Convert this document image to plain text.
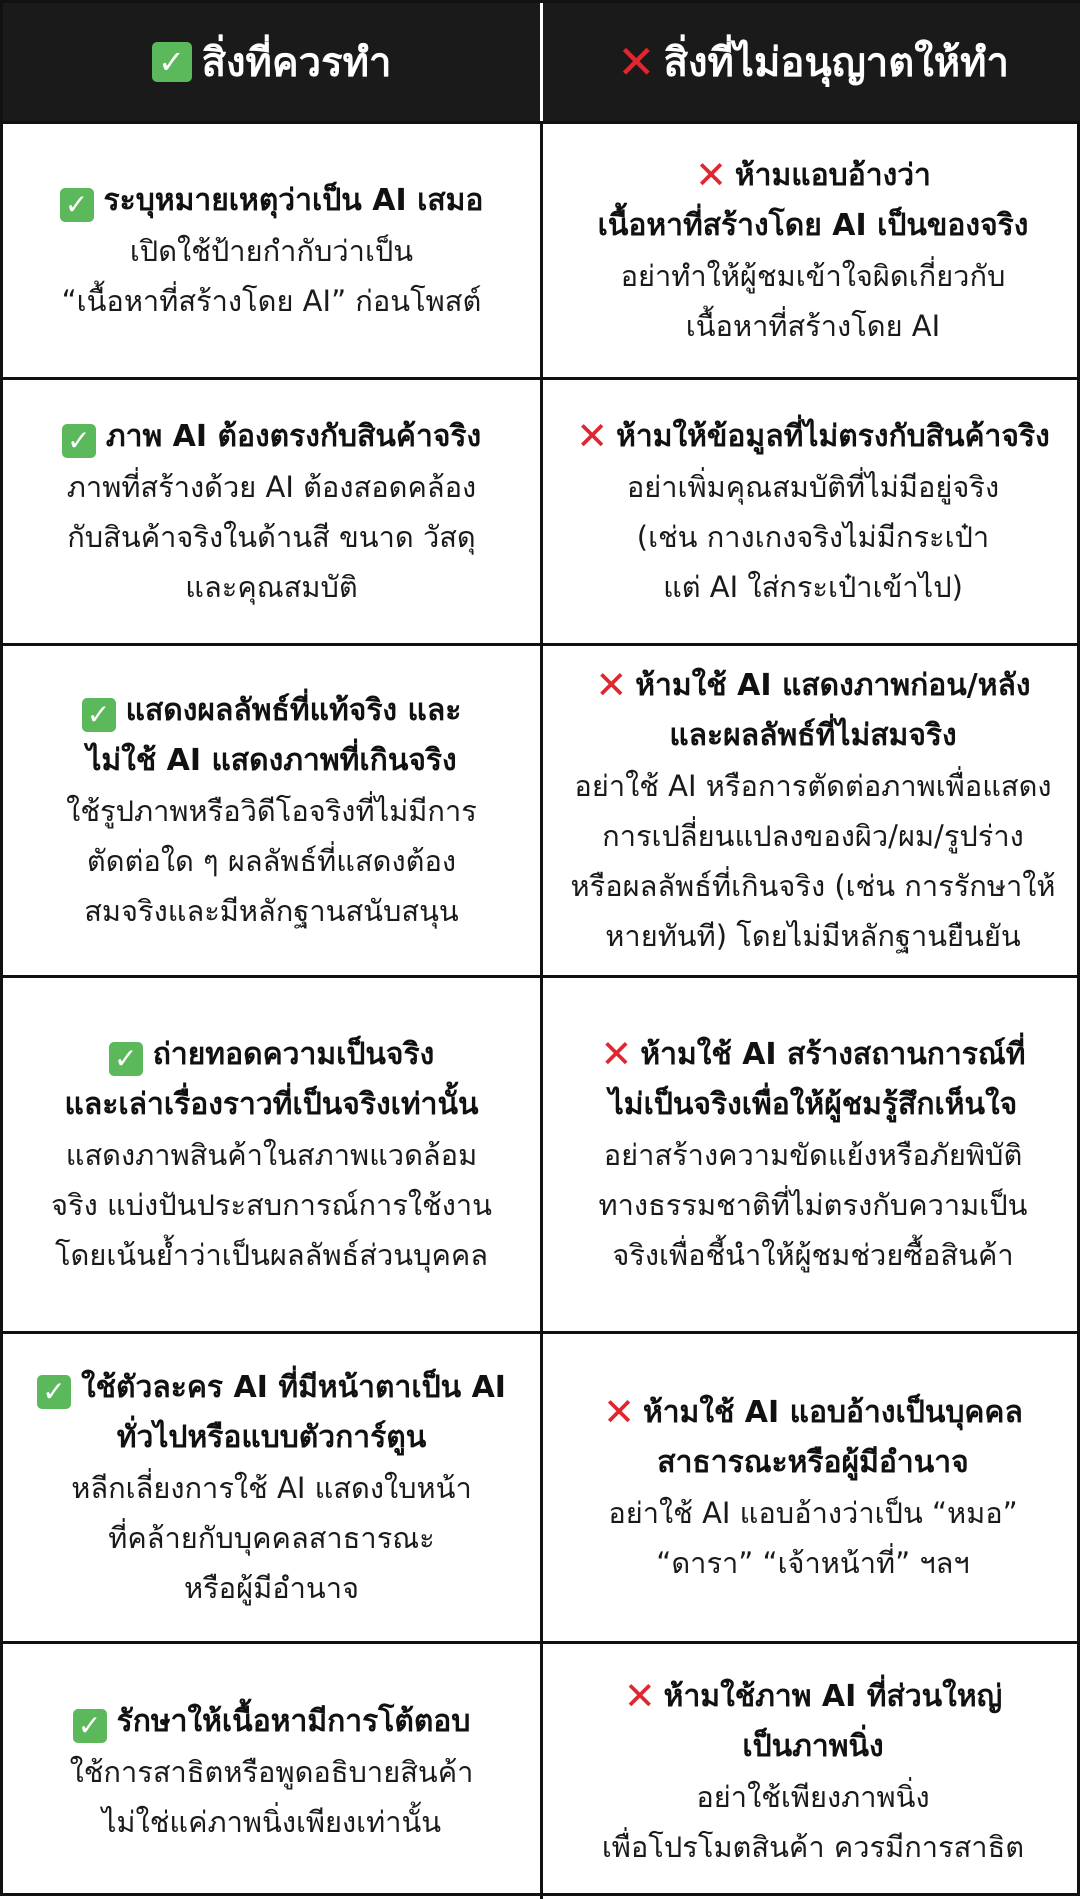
✓ สิ่งที่ควรทำ	✕ สิ่งที่ไม่อนุญาตให้ทำ
✓ ระบุหมายเหตุว่าเป็น AI เสมอ
เปิดใช้ป้ายกำกับว่าเป็น
“เนื้อหาที่สร้างโดย AI” ก่อนโพสต์
✕ ห้ามแอบอ้างว่า
เนื้อหาที่สร้างโดย AI เป็นของจริง
อย่าทำให้ผู้ชมเข้าใจผิดเกี่ยวกับ
เนื้อหาที่สร้างโดย AI
✓ ภาพ AI ต้องตรงกับสินค้าจริง
ภาพที่สร้างด้วย AI ต้องสอดคล้อง
กับสินค้าจริงในด้านสี ขนาด วัสดุ
และคุณสมบัติ
✕ ห้ามให้ข้อมูลที่ไม่ตรงกับสินค้าจริง
อย่าเพิ่มคุณสมบัติที่ไม่มีอยู่จริง
(เช่น กางเกงจริงไม่มีกระเป๋า
แต่ AI ใส่กระเป๋าเข้าไป)
✓ แสดงผลลัพธ์ที่แท้จริง และ
ไม่ใช้ AI แสดงภาพที่เกินจริง
ใช้รูปภาพหรือวิดีโอจริงที่ไม่มีการ
ตัดต่อใด ๆ ผลลัพธ์ที่แสดงต้อง
สมจริงและมีหลักฐานสนับสนุน
✕ ห้ามใช้ AI แสดงภาพก่อน/หลัง
และผลลัพธ์ที่ไม่สมจริง
อย่าใช้ AI หรือการตัดต่อภาพเพื่อแสดง
การเปลี่ยนแปลงของผิว/ผม/รูปร่าง
หรือผลลัพธ์ที่เกินจริง (เช่น การรักษาให้
หายทันที) โดยไม่มีหลักฐานยืนยัน
✓ ถ่ายทอดความเป็นจริง
และเล่าเรื่องราวที่เป็นจริงเท่านั้น
แสดงภาพสินค้าในสภาพแวดล้อม
จริง แบ่งปันประสบการณ์การใช้งาน
โดยเน้นย้ำว่าเป็นผลลัพธ์ส่วนบุคคล
✕ ห้ามใช้ AI สร้างสถานการณ์ที่
ไม่เป็นจริงเพื่อให้ผู้ชมรู้สึกเห็นใจ
อย่าสร้างความขัดแย้งหรือภัยพิบัติ
ทางธรรมชาติที่ไม่ตรงกับความเป็น
จริงเพื่อชี้นำให้ผู้ชมช่วยซื้อสินค้า
✓ ใช้ตัวละคร AI ที่มีหน้าตาเป็น AI
ทั่วไปหรือแบบตัวการ์ตูน
หลีกเลี่ยงการใช้ AI แสดงใบหน้า
ที่คล้ายกับบุคคลสาธารณะ
หรือผู้มีอำนาจ
✕ ห้ามใช้ AI แอบอ้างเป็นบุคคล
สาธารณะหรือผู้มีอำนาจ
อย่าใช้ AI แอบอ้างว่าเป็น “หมอ”
“ดารา” “เจ้าหน้าที่” ฯลฯ
✓ รักษาให้เนื้อหามีการโต้ตอบ
ใช้การสาธิตหรือพูดอธิบายสินค้า
ไม่ใช่แค่ภาพนิ่งเพียงเท่านั้น
✕ ห้ามใช้ภาพ AI ที่ส่วนใหญ่
เป็นภาพนิ่ง
อย่าใช้เพียงภาพนิ่ง
เพื่อโปรโมตสินค้า ควรมีการสาธิต
